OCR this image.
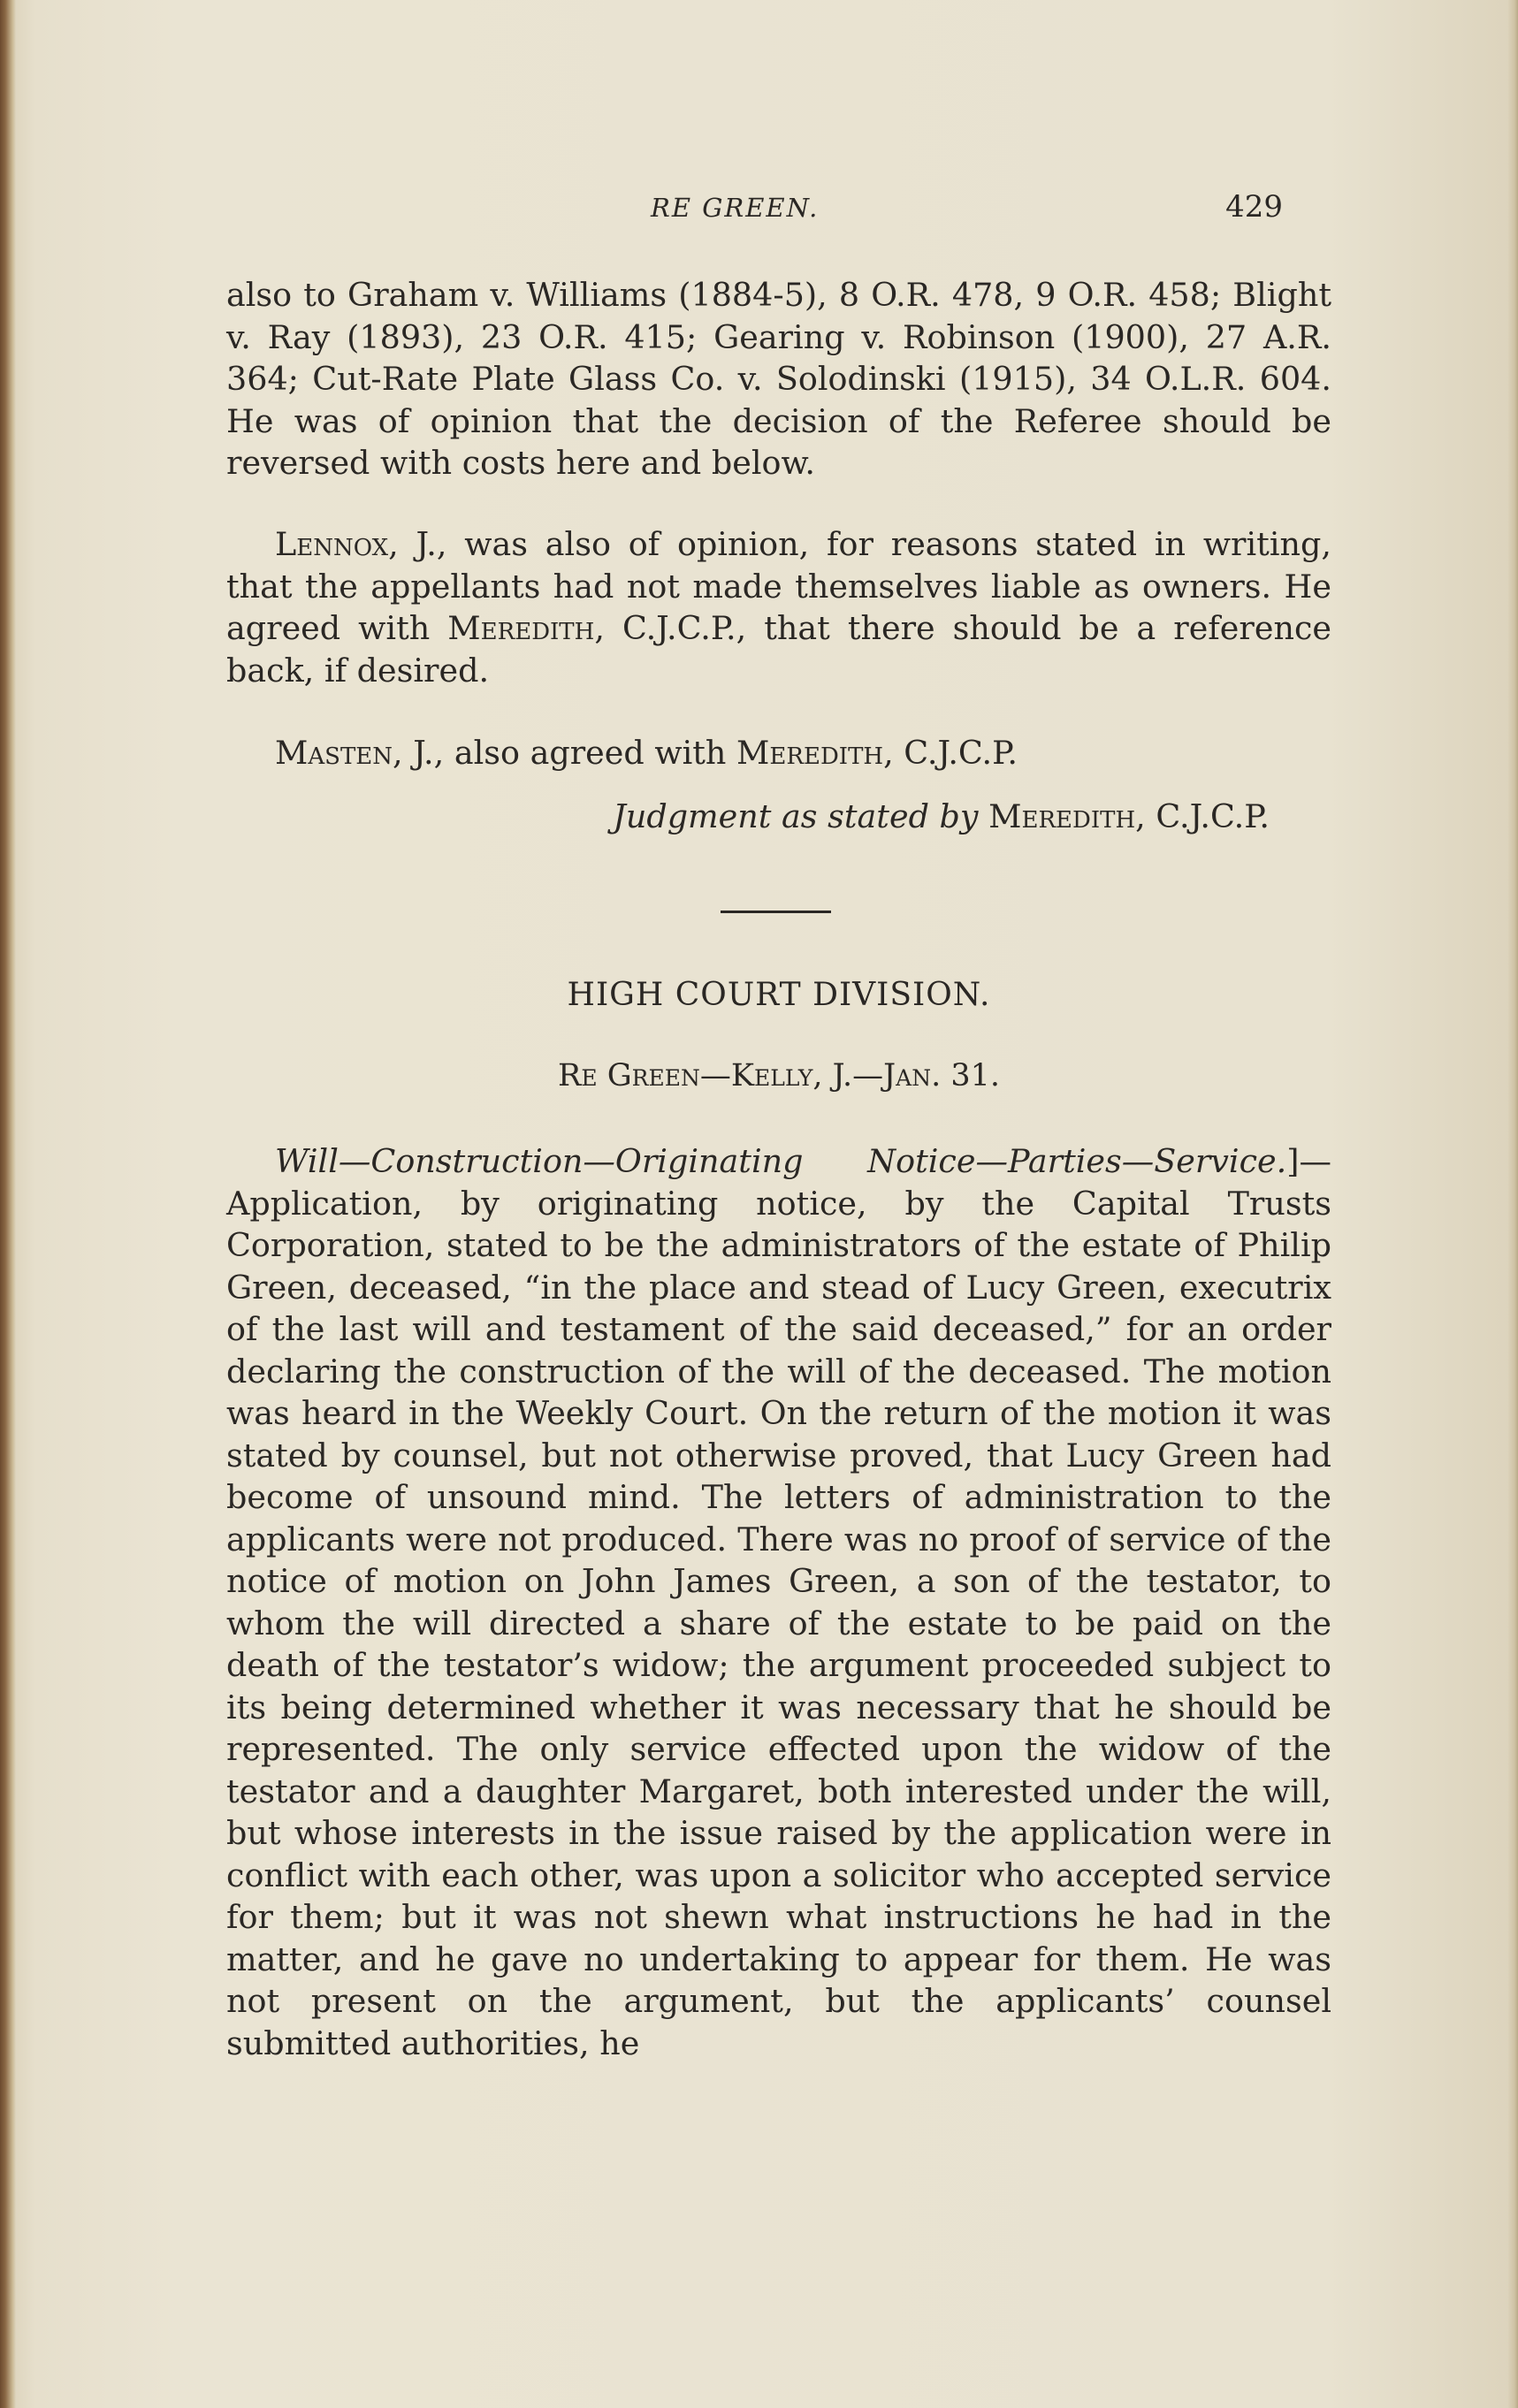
RE GREEN.	429

also to Graham v. Williams (1884-5), 8 O.R. 478, 9 O.R. 458; Blight v. Ray (1893), 23 O.R. 415; Gearing v. Robinson (1900), 27 A.R. 364; Cut-Rate Plate Glass Co. v. Solodinski (1915), 34 O.L.R. 604. He was of opinion that the decision of the Referee should be reversed with costs here and below.

Lennox, J., was also of opinion, for reasons stated in writing, that the appellants had not made themselves liable as owners. He agreed with Meredith, C.J.C.P., that there should be a reference back, if desired.

Masten, J., also agreed with Meredith, C.J.C.P.

Judgment as stated by Meredith, C.J.C.P.

HIGH COURT DIVISION.
Re Green—Kelly, J.—Jan. 31.

Will—Construction—Originating Notice—Parties—Service.]—Application, by originating notice, by the Capital Trusts Corporation, stated to be the administrators of the estate of Philip Green, deceased, “in the place and stead of Lucy Green, executrix of the last will and testament of the said deceased,” for an order declaring the construction of the will of the deceased. The motion was heard in the Weekly Court. On the return of the motion it was stated by counsel, but not otherwise proved, that Lucy Green had become of unsound mind. The letters of administration to the applicants were not produced. There was no proof of service of the notice of motion on John James Green, a son of the testator, to whom the will directed a share of the estate to be paid on the death of the testator’s widow; the argument proceeded subject to its being determined whether it was necessary that he should be represented. The only service effected upon the widow of the testator and a daughter Margaret, both interested under the will, but whose interests in the issue raised by the application were in conflict with each other, was upon a solicitor who accepted service for them; but it was not shewn what instructions he had in the matter, and he gave no undertaking to appear for them. He was not present on the argument, but the applicants’ counsel submitted authorities, he
